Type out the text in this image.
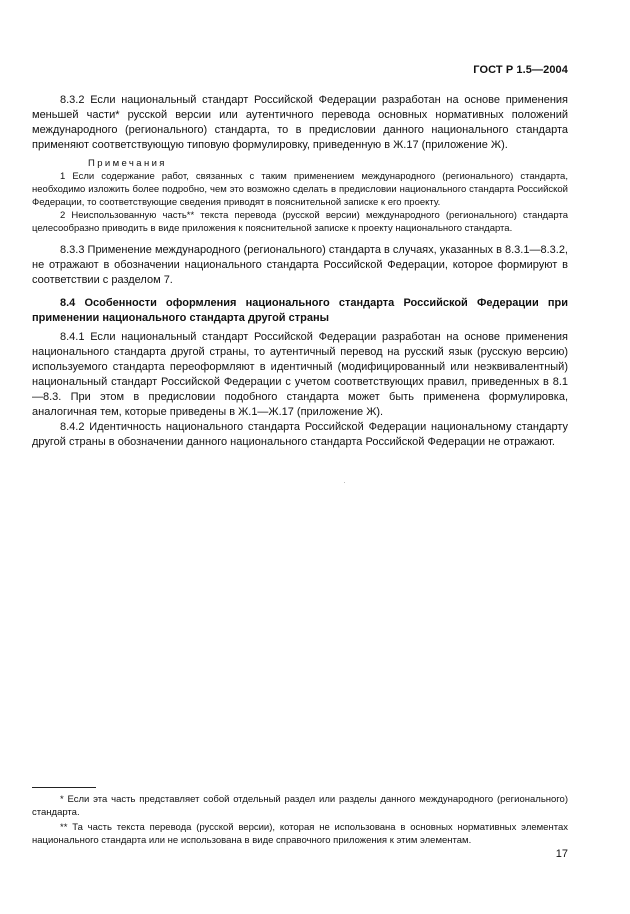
ГОСТ Р 1.5—2004

8.3.2 Если национальный стандарт Российской Федерации разработан на основе применения меньшей части* русской версии или аутентичного перевода основных нормативных положений международного (регионального) стандарта, то в предисловии данного национального стандарта применяют соответствующую типовую формулировку, приведенную в Ж.17 (приложение Ж).

Примечания

1 Если содержание работ, связанных с таким применением международного (регионального) стандарта, необходимо изложить более подробно, чем это возможно сделать в предисловии национального стандарта Российской Федерации, то соответствующие сведения приводят в пояснительной записке к его проекту.

2 Неиспользованную часть** текста перевода (русской версии) международного (регионального) стандарта целесообразно приводить в виде приложения к пояснительной записке к проекту национального стандарта.

8.3.3 Применение международного (регионального) стандарта в случаях, указанных в 8.3.1—8.3.2, не отражают в обозначении национального стандарта Российской Федерации, которое формируют в соответствии с разделом 7.

8.4 Особенности оформления национального стандарта Российской Федерации при применении национального стандарта другой страны

8.4.1 Если национальный стандарт Российской Федерации разработан на основе применения национального стандарта другой страны, то аутентичный перевод на русский язык (русскую версию) используемого стандарта переоформляют в идентичный (модифицированный или неэквивалентный) национальный стандарт Российской Федерации с учетом соответствующих правил, приведенных в 8.1—8.3. При этом в предисловии подобного стандарта может быть применена формулировка, аналогичная тем, которые приведены в Ж.1—Ж.17 (приложение Ж).

8.4.2 Идентичность национального стандарта Российской Федерации национальному стандарту другой страны в обозначении данного национального стандарта Российской Федерации не отражают.

* Если эта часть представляет собой отдельный раздел или разделы данного международного (регионального) стандарта.

** Та часть текста перевода (русской версии), которая не использована в основных нормативных элементах национального стандарта или не использована в виде справочного приложения к этим элементам.

17
